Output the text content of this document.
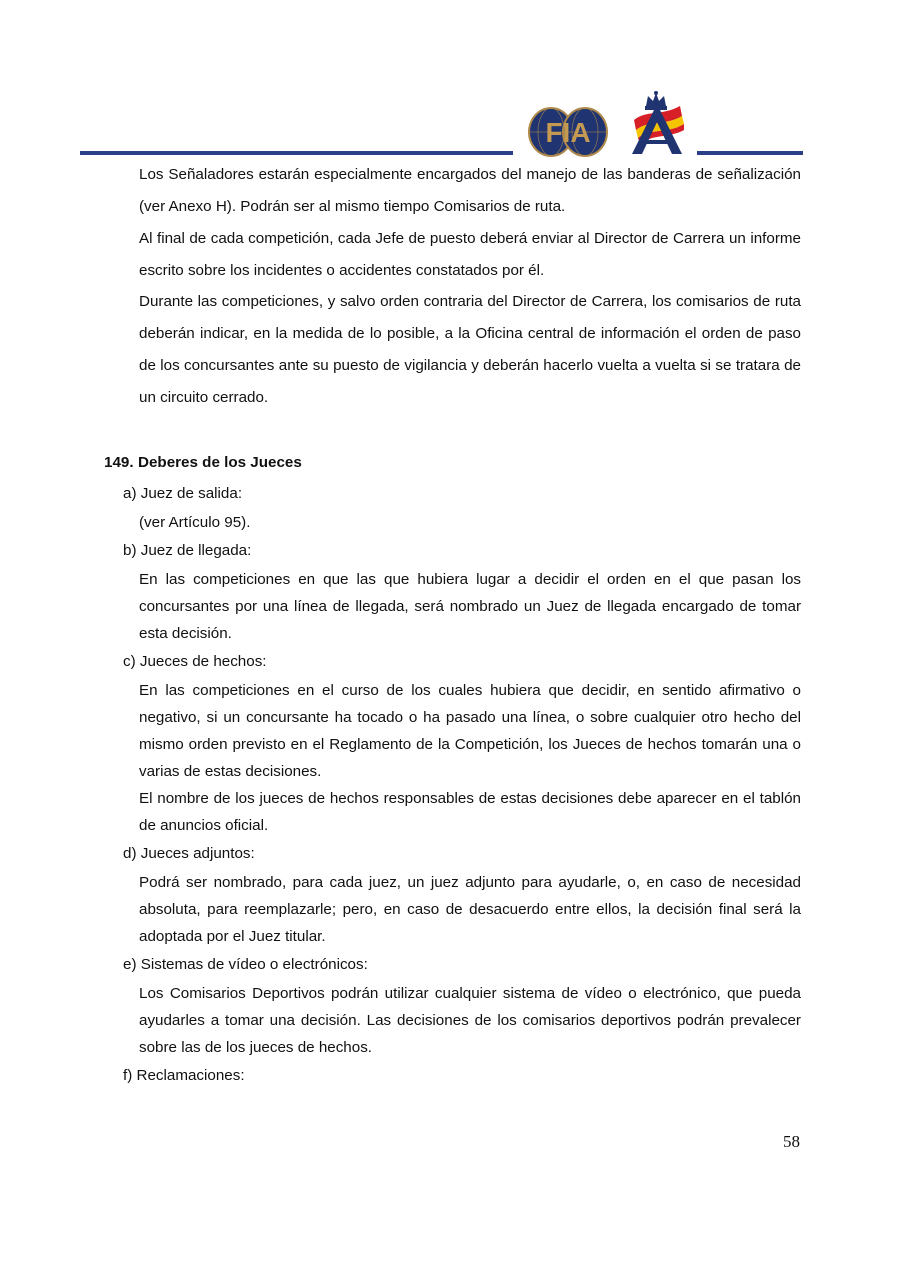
FIA

Los Señaladores estarán especialmente encargados del manejo de las banderas de señalización (ver Anexo H). Podrán ser al mismo tiempo Comisarios de ruta.

Al final de cada competición, cada Jefe de puesto deberá enviar al Director de Carrera un informe escrito sobre los incidentes o accidentes constatados por él.

Durante las competiciones, y salvo orden contraria del Director de Carrera, los comisarios de ruta deberán indicar, en la medida de lo posible, a la Oficina central de información el orden de paso de los concursantes ante su puesto de vigilancia y deberán hacerlo vuelta a vuelta si se tratara de un circuito cerrado.

149. Deberes de los Jueces
a) Juez de salida:

(ver Artículo 95).

b) Juez de llegada:

En las competiciones en que las que hubiera lugar a decidir el orden en el que pasan los concursantes por una línea de llegada, será nombrado un Juez de llegada encargado de tomar esta decisión.

c) Jueces de hechos:

En las competiciones en el curso de los cuales hubiera que decidir, en sentido afirmativo o negativo, si un concursante ha tocado o ha pasado una línea, o sobre cualquier otro hecho del mismo orden previsto en el Reglamento de la Competición, los Jueces de hechos tomarán una o varias de estas decisiones.

El nombre de los jueces de hechos responsables de estas decisiones debe aparecer en el tablón de anuncios oficial.

d) Jueces adjuntos:

Podrá ser nombrado, para cada juez, un juez adjunto para ayudarle, o, en caso de necesidad absoluta, para reemplazarle; pero, en caso de desacuerdo entre ellos, la decisión final será la adoptada por el Juez titular.

e) Sistemas de vídeo o electrónicos:

Los Comisarios Deportivos podrán utilizar cualquier sistema de vídeo o electrónico, que pueda ayudarles a tomar una decisión. Las decisiones de los comisarios deportivos podrán prevalecer sobre las de los jueces de hechos.

f) Reclamaciones:
58
